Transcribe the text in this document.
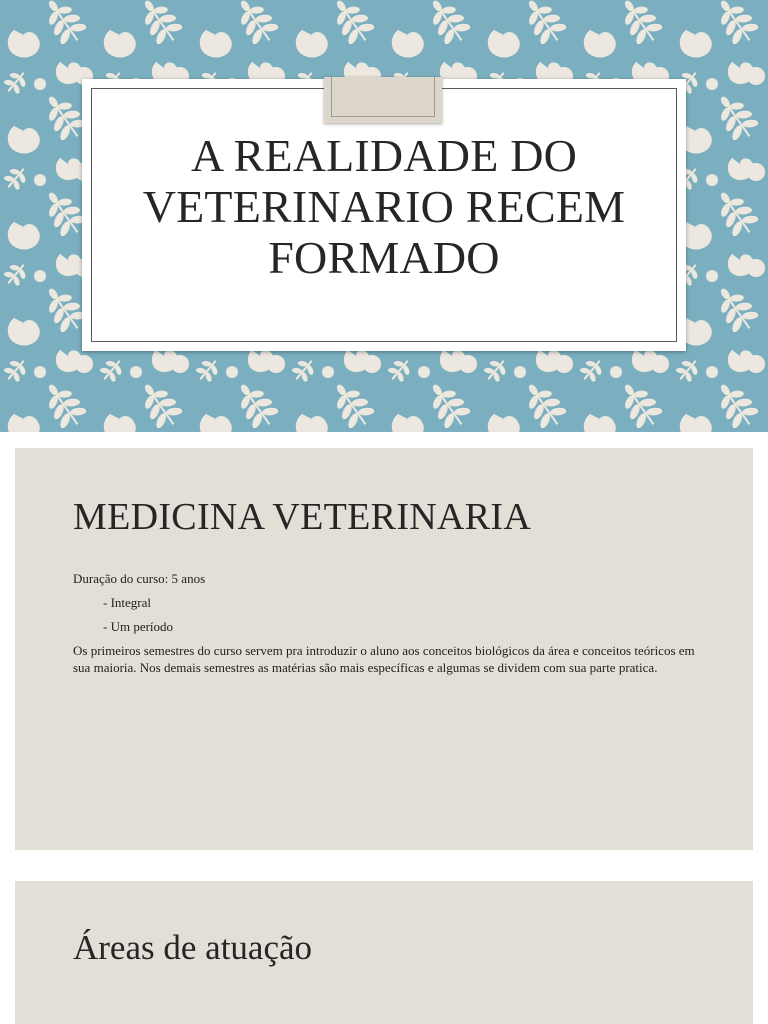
A REALIDADE DO
VETERINARIO RECEM
FORMADO
MEDICINA VETERINARIA

Duração do curso: 5 anos

- Integral

- Um período

Os primeiros semestres do curso servem pra introduzir o aluno aos conceitos biológicos da área e conceitos teóricos em sua maioria. Nos demais semestres as matérias são mais específicas e algumas se dividem com sua parte pratica.

Áreas de atuação
